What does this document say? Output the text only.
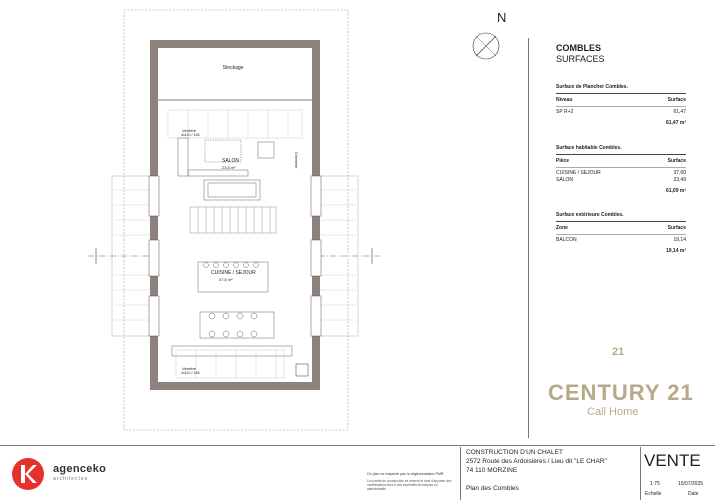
N
Stockage
Verrière
4x110 / 148
SALON
23,5 m²	Cheminée
CUISINE / SEJOUR
37,6 m²
Verrière
4x110 / 148
COMBLES
SURFACES
Surface de Plancher Combles.
Niveau	Surface
SP R+2	61,47
61,47 m²
Surface habitable Combles.
Pièce	Surface
CUISINE / SEJOUR	37,60
SALON	23,49
61,09 m²
Surface extérieure Combles.
Zone	Surface
BALCON	19,14
19,14 m²
21
CENTURY 21
Call Home
agenceko
architectes
Ce plan ne respecte pas la réglementation PMR
La société de construction se réserve le droit d'apporter des modifications dues à des impératifs techniques ou administratifs.
CONSTRUCTION D'UN CHALET
2572 Route des Ardoisières / Lieu dit "LE CHAR"
74 110 MORZINE
Plan des Combles
VENTE
1:75	15/07/2025
Echelle	Date
